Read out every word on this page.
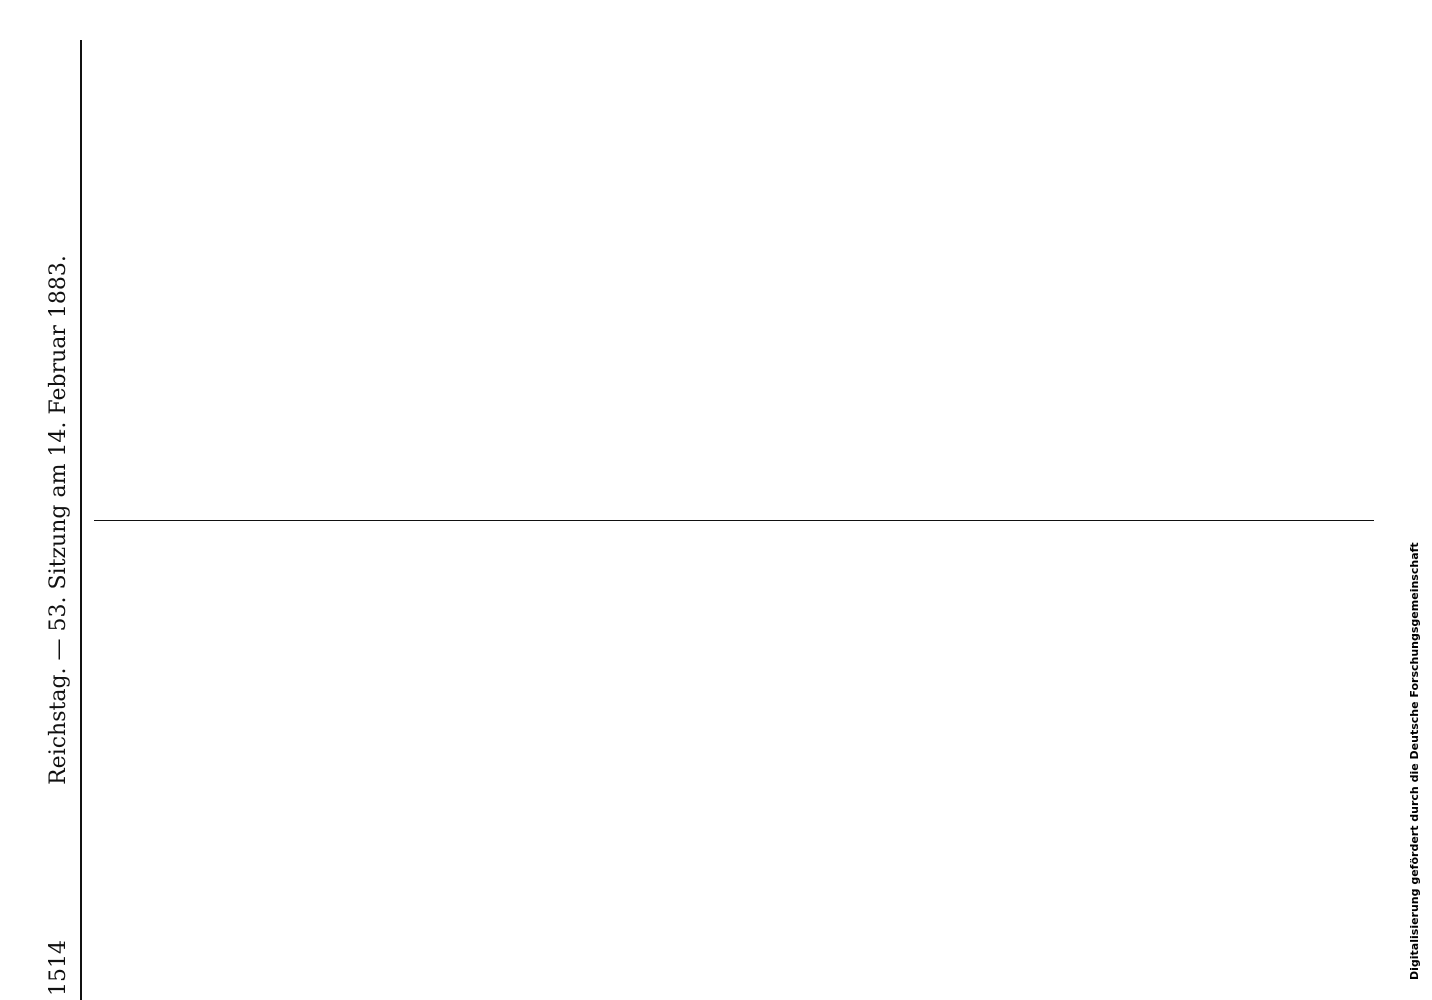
1514
Reichstag. — 53. Sitzung am 14. Februar 1883.	Digitalisierung gefördert durch die Deutsche Forschungsgemeinschaft
